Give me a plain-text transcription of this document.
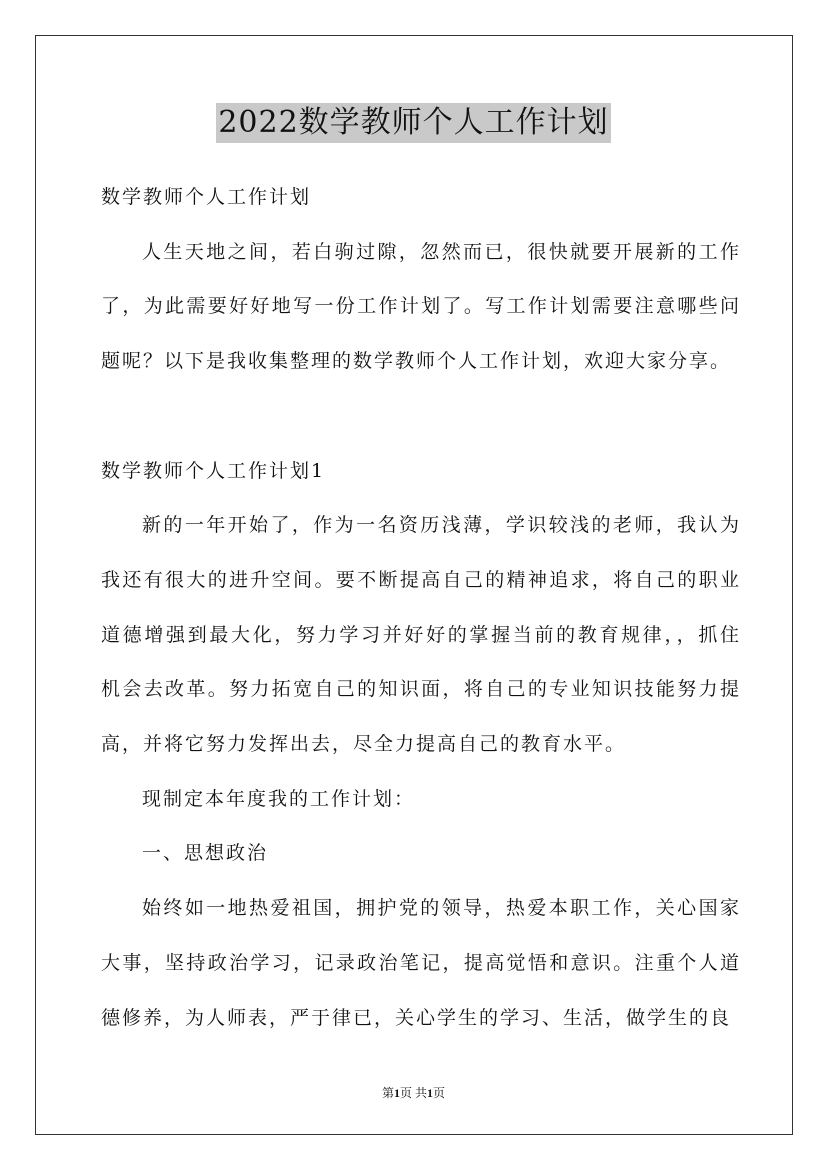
2022数学教师个人工作计划

数学教师个人工作计划

人生天地之间，若白驹过隙，忽然而已，很快就要开展新的工作了，为此需要好好地写一份工作计划了。写工作计划需要注意哪些问题呢？以下是我收集整理的数学教师个人工作计划，欢迎大家分享。

数学教师个人工作计划1

新的一年开始了，作为一名资历浅薄，学识较浅的老师，我认为我还有很大的进升空间。要不断提高自己的精神追求，将自己的职业道德增强到最大化，努力学习并好好的掌握当前的教育规律，，抓住机会去改革。努力拓宽自己的知识面，将自己的专业知识技能努力提高，并将它努力发挥出去，尽全力提高自己的教育水平。

现制定本年度我的工作计划：

一、思想政治

始终如一地热爱祖国，拥护党的领导，热爱本职工作，关心国家大事，坚持政治学习，记录政治笔记，提高觉悟和意识。注重个人道德修养，为人师表，严于律已，关心学生的学习、生活，做学生的良

第1页 共1页
